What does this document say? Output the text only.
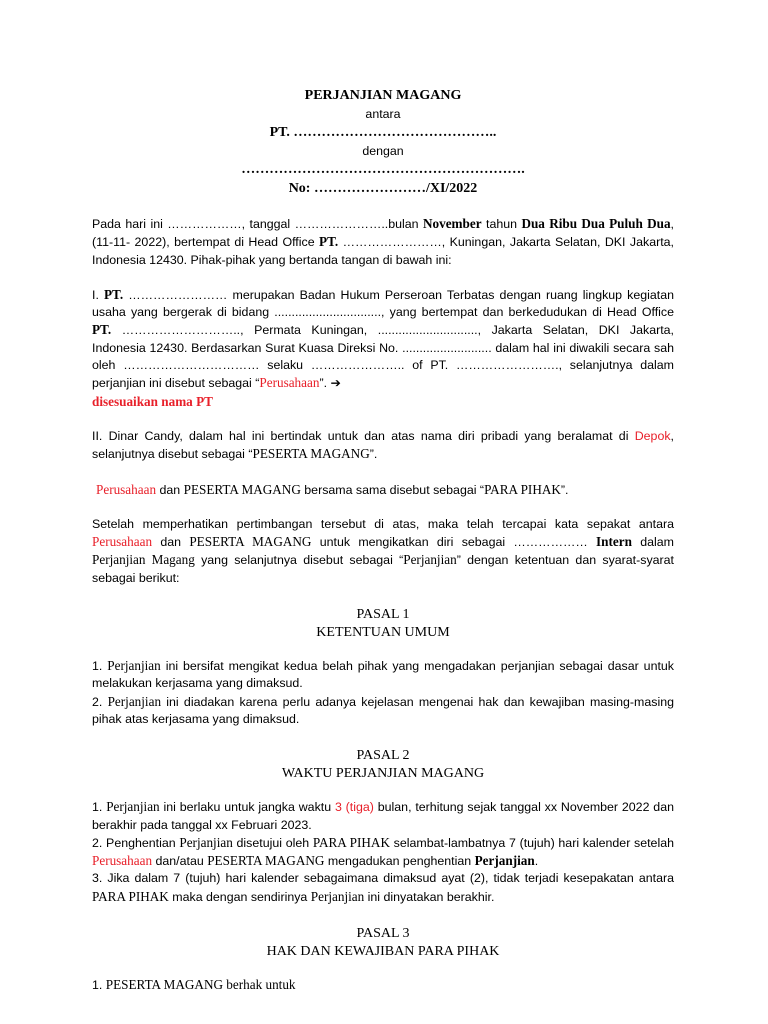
PERJANJIAN MAGANG
antara
PT. ……………………………………..
dengan
…………………………………………………….
No: ……………………/XI/2022

Pada hari ini ………………, tanggal …………………..bulan November tahun Dua Ribu Dua Puluh Dua, (11-11- 2022), bertempat di Head Office PT. ……………………, Kuningan, Jakarta Selatan, DKI Jakarta, Indonesia 12430. Pihak-pihak yang bertanda tangan di bawah ini:

I. PT. …………………… merupakan Badan Hukum Perseroan Terbatas dengan ruang lingkup kegiatan usaha yang bergerak di bidang ..............................., yang bertempat dan berkedudukan di Head Office PT. ……………………….., Permata Kuningan, ............................., Jakarta Selatan, DKI Jakarta, Indonesia 12430. Berdasarkan Surat Kuasa Direksi No. .......................... dalam hal ini diwakili secara sah oleh …………………………… selaku ………………….. of PT. ……………………., selanjutnya dalam perjanjian ini disebut sebagai “Perusahaan”. ➔
disesuaikan nama PT

II. Dinar Candy, dalam hal ini bertindak untuk dan atas nama diri pribadi yang beralamat di Depok, selanjutnya disebut sebagai “PESERTA MAGANG”.

Perusahaan dan PESERTA MAGANG bersama sama disebut sebagai “PARA PIHAK”.

Setelah memperhatikan pertimbangan tersebut di atas, maka telah tercapai kata sepakat antara Perusahaan dan PESERTA MAGANG untuk mengikatkan diri sebagai ……………… Intern dalam Perjanjian Magang yang selanjutnya disebut sebagai “Perjanjian” dengan ketentuan dan syarat-syarat sebagai berikut:

PASAL 1
KETENTUAN UMUM

1. Perjanjian ini bersifat mengikat kedua belah pihak yang mengadakan perjanjian sebagai dasar untuk melakukan kerjasama yang dimaksud.

2. Perjanjian ini diadakan karena perlu adanya kejelasan mengenai hak dan kewajiban masing-masing pihak atas kerjasama yang dimaksud.

PASAL 2
WAKTU PERJANJIAN MAGANG

1. Perjanjian ini berlaku untuk jangka waktu 3 (tiga) bulan, terhitung sejak tanggal xx November 2022 dan berakhir pada tanggal xx Februari 2023.

2. Penghentian Perjanjian disetujui oleh PARA PIHAK selambat-lambatnya 7 (tujuh) hari kalender setelah Perusahaan dan/atau PESERTA MAGANG mengadukan penghentian Perjanjian.

3. Jika dalam 7 (tujuh) hari kalender sebagaimana dimaksud ayat (2), tidak terjadi kesepakatan antara PARA PIHAK maka dengan sendirinya Perjanjian ini dinyatakan berakhir.

PASAL 3
HAK DAN KEWAJIBAN PARA PIHAK

1. PESERTA MAGANG berhak untuk
